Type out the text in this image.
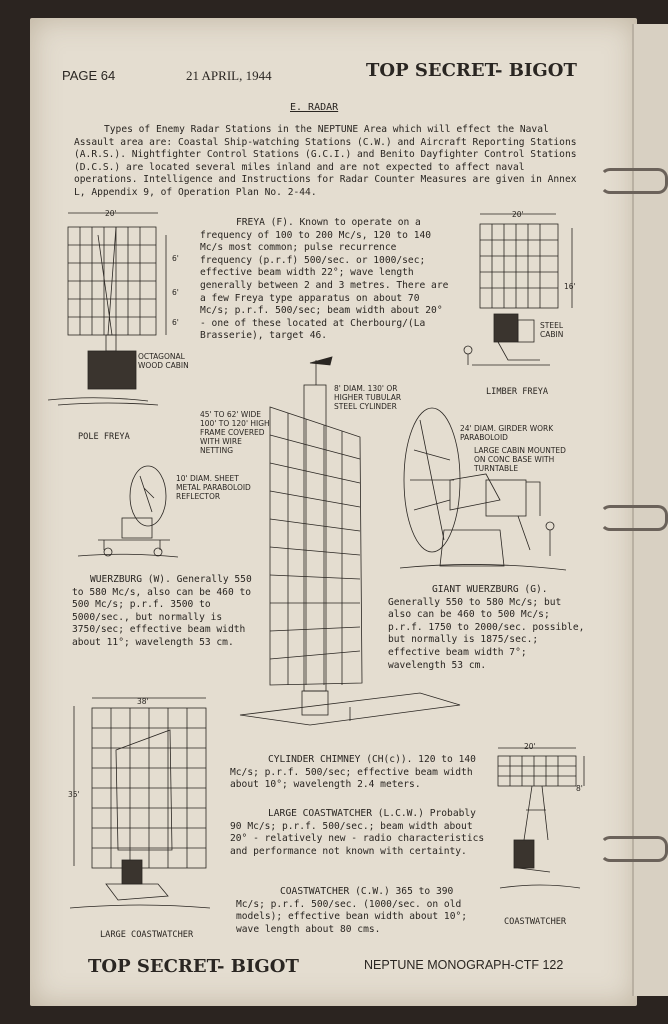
PAGE 64	21 APRIL, 1944	TOP SECRET- BIGOT
E. RADAR

Types of Enemy Radar Stations in the NEPTUNE Area which will effect the Naval Assault area are: Coastal Ship-watching Stations (C.W.) and Aircraft Reporting Stations (A.R.S.). Nightfighter Control Stations (G.C.I.) and Benito Dayfighter Control Stations (D.C.S.) are located several miles inland and are not expected to affect naval operations. Intelligence and Instructions for Radar Counter Measures are given in Annex L, Appendix 9, of Operation Plan No. 2-44.

FREYA (F). Known to operate on a frequency of 100 to 200 Mc/s, 120 to 140 Mc/s most common; pulse recurrence frequency (p.r.f) 500/sec. or 1000/sec; effective beam width 22°; wave length generally between 2 and 3 metres. There are a few Freya type apparatus on about 70 Mc/s; p.r.f. 500/sec; beam width about 20° - one of these located at Cherbourg/(La Brasserie), target 46.

20'
6'
6'
6'
OCTAGONAL WOOD CABIN
POLE FREYA
20'
16'
STEEL CABIN
LIMBER FREYA
45' TO 62' WIDE 100' TO 120' HIGH FRAME COVERED WITH WIRE NETTING
8' DIAM. 130' OR HIGHER TUBULAR STEEL CYLINDER
10' DIAM. SHEET METAL PARABOLOID REFLECTOR

WUERZBURG (W). Generally 550 to 580 Mc/s, also can be 460 to 500 Mc/s; p.r.f. 3500 to 5000/sec., but normally is 3750/sec; effective beam width about 11°; wavelength 53 cm.

24' DIAM. GIRDER WORK PARABOLOID
LARGE CABIN MOUNTED ON CONC BASE WITH TURNTABLE

GIANT WUERZBURG (G). Generally 550 to 580 Mc/s; but also can be 460 to 500 Mc/s; p.r.f. 1750 to 2000/sec. possible, but normally is 1875/sec.; effective beam width 7°; wavelength 53 cm.

CYLINDER CHIMNEY (CH(c)). 120 to 140 Mc/s; p.r.f. 500/sec; effective beam width about 10°; wavelength 2.4 meters.

LARGE COASTWATCHER (L.C.W.) Probably 90 Mc/s; p.r.f. 500/sec.; beam width about 20° - relatively new - radio characteristics and performance not known with certainty.

COASTWATCHER (C.W.) 365 to 390 Mc/s; p.r.f. 500/sec. (1000/sec. on old models); effective bean width about 10°; wave length about 80 cms.

38'
35'
LARGE COASTWATCHER
20'
8'
COASTWATCHER
TOP SECRET- BIGOT	NEPTUNE MONOGRAPH-CTF 122
